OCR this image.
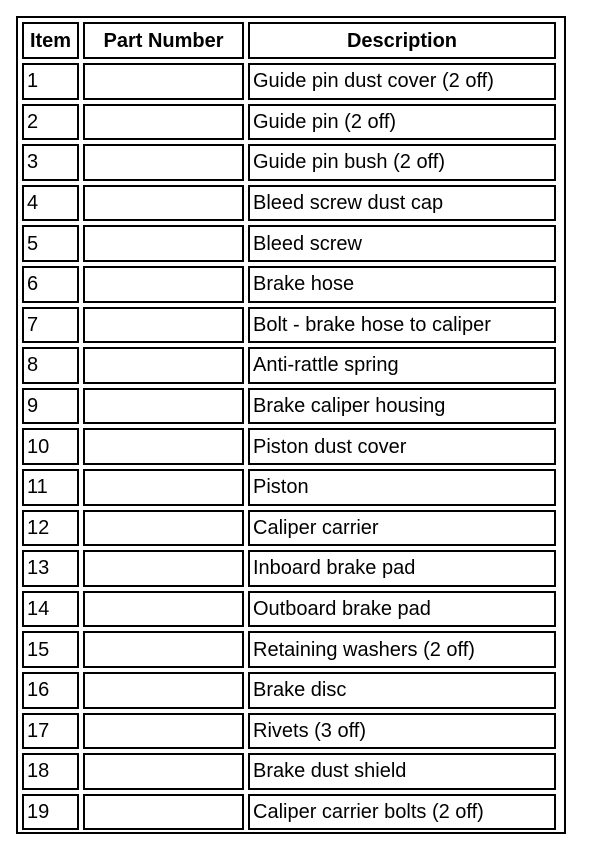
Item	Part Number	Description
1		Guide pin dust cover (2 off)
2		Guide pin (2 off)
3		Guide pin bush (2 off)
4		Bleed screw dust cap
5		Bleed screw
6		Brake hose
7		Bolt - brake hose to caliper
8		Anti-rattle spring
9		Brake caliper housing
10		Piston dust cover
11		Piston
12		Caliper carrier
13		Inboard brake pad
14		Outboard brake pad
15		Retaining washers (2 off)
16		Brake disc
17		Rivets (3 off)
18		Brake dust shield
19		Caliper carrier bolts (2 off)
